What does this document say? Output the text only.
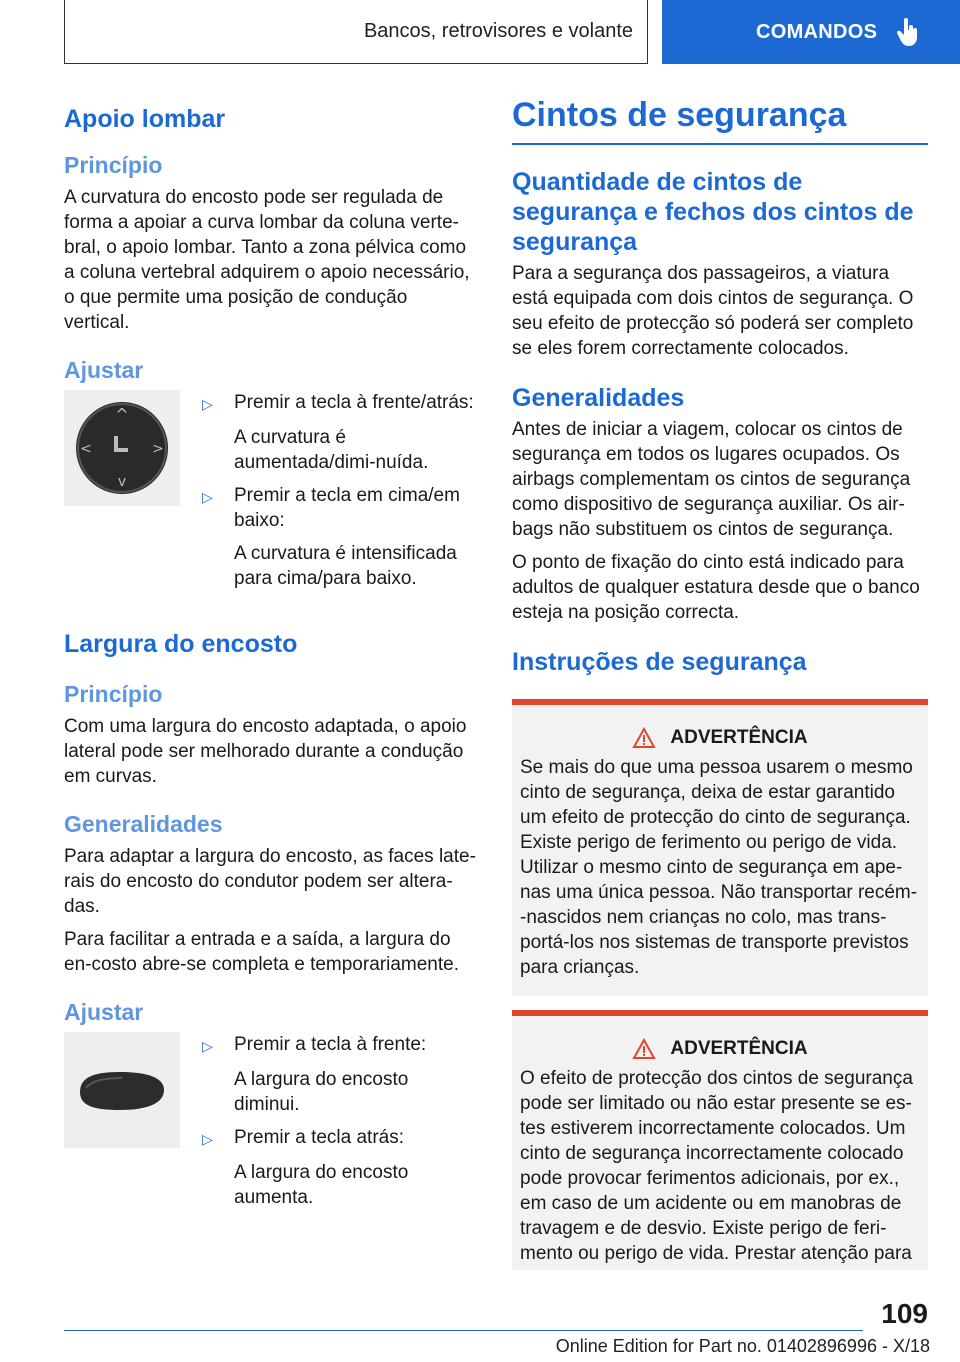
Bancos, retrovisores e volante	COMANDOS
Apoio lombar
Princípio

A curvatura do encosto pode ser regulada de forma a apoiar a curva lombar da coluna verte-bral, o apoio lombar. Tanto a zona pélvica como a coluna vertebral adquirem o apoio necessário, o que permite uma posição de condução vertical.

Ajustar
^
v
<	>
▷	Premir a tecla à frente/atrás:
A curvatura é aumentada/dimi-nuída.
▷	Premir a tecla em cima/em baixo:
A curvatura é intensificada para cima/para baixo.
Largura do encosto
Princípio

Com uma largura do encosto adaptada, o apoio lateral pode ser melhorado durante a condução em curvas.

Generalidades

Para adaptar a largura do encosto, as faces late-rais do encosto do condutor podem ser altera-das.

Para facilitar a entrada e a saída, a largura do en-costo abre-se completa e temporariamente.

Ajustar
▷	Premir a tecla à frente:
A largura do encosto diminui.
▷	Premir a tecla atrás:
A largura do encosto aumenta.
Cintos de segurança
Quantidade de cintos de segurança e fechos dos cintos de segurança

Para a segurança dos passageiros, a viatura está equipada com dois cintos de segurança. O seu efeito de protecção só poderá ser completo se eles forem correctamente colocados.

Generalidades

Antes de iniciar a viagem, colocar os cintos de segurança em todos os lugares ocupados. Os airbags complementam os cintos de segurança como dispositivo de segurança auxiliar. Os air-bags não substituem os cintos de segurança.

O ponto de fixação do cinto está indicado para adultos de qualquer estatura desde que o banco esteja na posição correcta.

Instruções de segurança
ADVERTÊNCIA

Se mais do que uma pessoa usarem o mesmo cinto de segurança, deixa de estar garantido um efeito de protecção do cinto de segurança. Existe perigo de ferimento ou perigo de vida. Utilizar o mesmo cinto de segurança em ape-nas uma única pessoa. Não transportar recém--nascidos nem crianças no colo, mas trans-portá-los nos sistemas de transporte previstos para crianças.

ADVERTÊNCIA

O efeito de protecção dos cintos de segurança pode ser limitado ou não estar presente se es-tes estiverem incorrectamente colocados. Um cinto de segurança incorrectamente colocado pode provocar ferimentos adicionais, por ex., em caso de um acidente ou em manobras de travagem e de desvio. Existe perigo de feri-mento ou perigo de vida. Prestar atenção para

109
Online Edition for Part no. 01402896996 - X/18
